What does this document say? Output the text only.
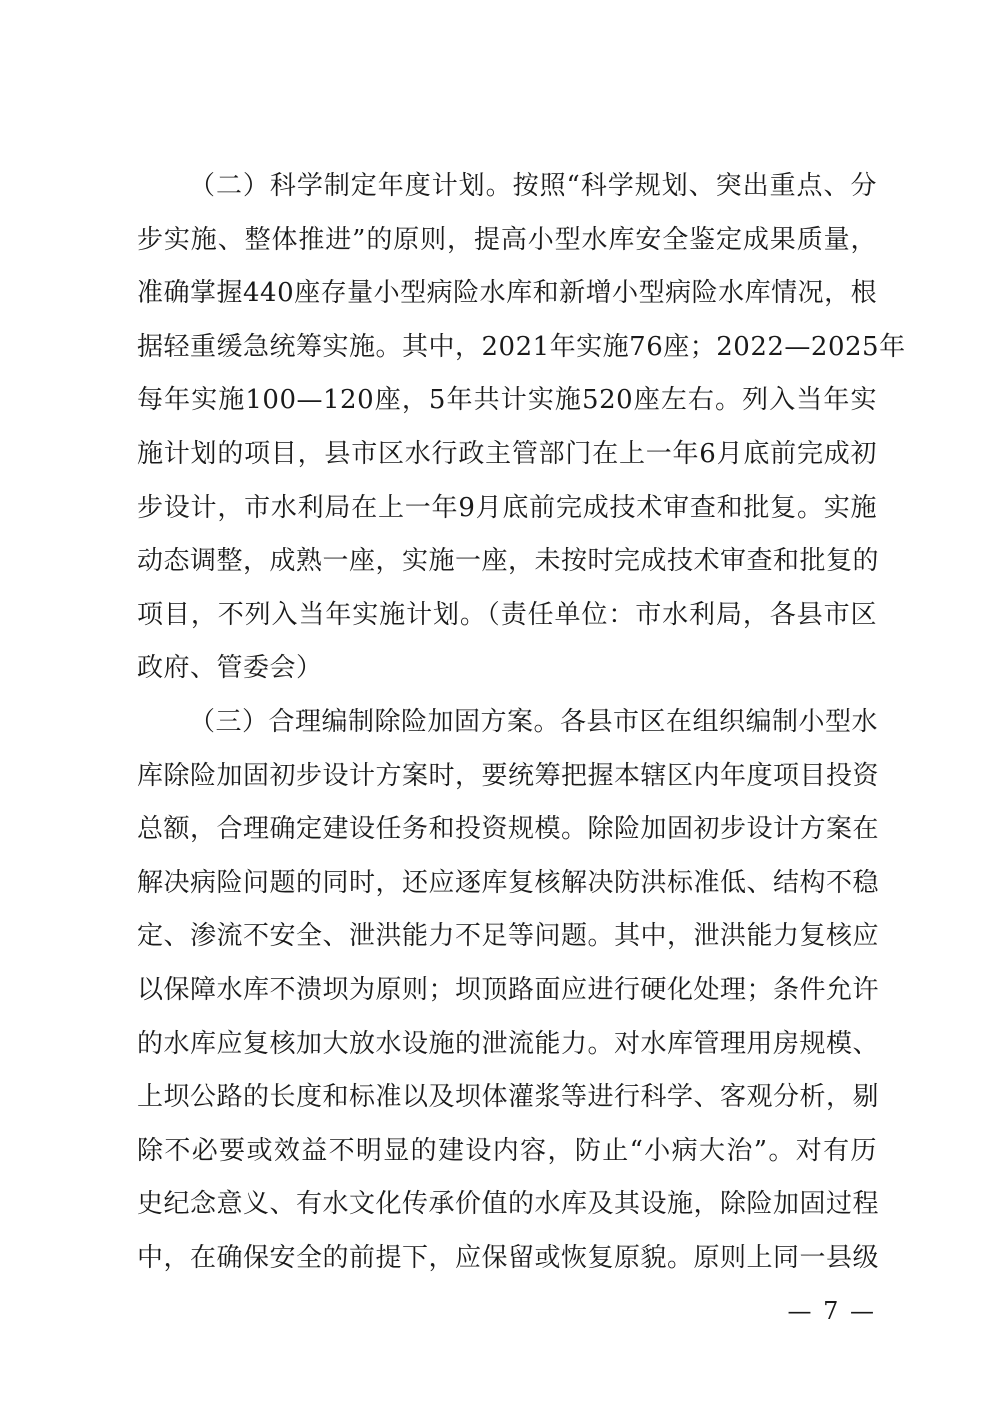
（二）科学制定年度计划。按照“科学规划、突出重点、分
步实施、整体推进”的原则，提高小型水库安全鉴定成果质量，
准确掌握440座存量小型病险水库和新增小型病险水库情况，根
据轻重缓急统筹实施。其中，2021年实施76座；2022—2025年
每年实施100—120座，5年共计实施520座左右。列入当年实
施计划的项目，县市区水行政主管部门在上一年6月底前完成初
步设计，市水利局在上一年9月底前完成技术审查和批复。实施
动态调整，成熟一座，实施一座，未按时完成技术审查和批复的
项目，不列入当年实施计划。（责任单位：市水利局，各县市区
政府、管委会）
（三）合理编制除险加固方案。各县市区在组织编制小型水
库除险加固初步设计方案时，要统筹把握本辖区内年度项目投资
总额，合理确定建设任务和投资规模。除险加固初步设计方案在
解决病险问题的同时，还应逐库复核解决防洪标准低、结构不稳
定、渗流不安全、泄洪能力不足等问题。其中，泄洪能力复核应
以保障水库不溃坝为原则；坝顶路面应进行硬化处理；条件允许
的水库应复核加大放水设施的泄流能力。对水库管理用房规模、
上坝公路的长度和标准以及坝体灌浆等进行科学、客观分析，剔
除不必要或效益不明显的建设内容，防止“小病大治”。对有历
史纪念意义、有水文化传承价值的水库及其设施，除险加固过程
中，在确保安全的前提下，应保留或恢复原貌。原则上同一县级
— 7 —
